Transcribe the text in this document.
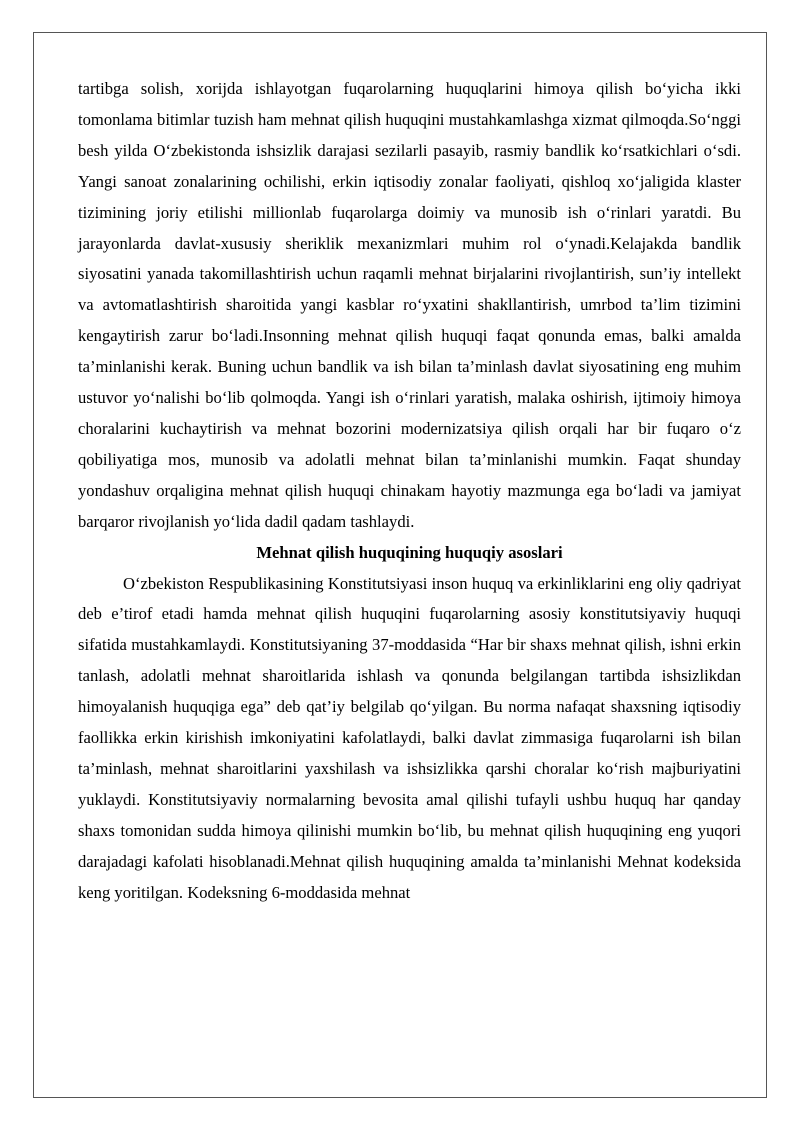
tartibga solish, xorijda ishlayotgan fuqarolarning huquqlarini himoya qilish bo‘yicha ikki tomonlama bitimlar tuzish ham mehnat qilish huquqini mustahkamlashga xizmat qilmoqda.So‘nggi besh yilda O‘zbekistonda ishsizlik darajasi sezilarli pasayib, rasmiy bandlik ko‘rsatkichlari o‘sdi. Yangi sanoat zonalarining ochilishi, erkin iqtisodiy zonalar faoliyati, qishloq xo‘jaligida klaster tizimining joriy etilishi millionlab fuqarolarga doimiy va munosib ish o‘rinlari yaratdi. Bu jarayonlarda davlat-xususiy sheriklik mexanizmlari muhim rol o‘ynadi.Kelajakda bandlik siyosatini yanada takomillashtirish uchun raqamli mehnat birjalarini rivojlantirish, sun’iy intellekt va avtomatlashtirish sharoitida yangi kasblar ro‘yxatini shakllantirish, umrbod ta’lim tizimini kengaytirish zarur bo‘ladi.Insonning mehnat qilish huquqi faqat qonunda emas, balki amalda ta’minlanishi kerak. Buning uchun bandlik va ish bilan ta’minlash davlat siyosatining eng muhim ustuvor yo‘nalishi bo‘lib qolmoqda. Yangi ish o‘rinlari yaratish, malaka oshirish, ijtimoiy himoya choralarini kuchaytirish va mehnat bozorini modernizatsiya qilish orqali har bir fuqaro o‘z qobiliyatiga mos, munosib va adolatli mehnat bilan ta’minlanishi mumkin. Faqat shunday yondashuv orqaligina mehnat qilish huquqi chinakam hayotiy mazmunga ega bo‘ladi va jamiyat barqaror rivojlanish yo‘lida dadil qadam tashlaydi.

Mehnat qilish huquqining huquqiy asoslari

O‘zbekiston Respublikasining Konstitutsiyasi inson huquq va erkinliklarini eng oliy qadriyat deb e’tirof etadi hamda mehnat qilish huquqini fuqarolarning asosiy konstitutsiyaviy huquqi sifatida mustahkamlaydi. Konstitutsiyaning 37-moddasida “Har bir shaxs mehnat qilish, ishni erkin tanlash, adolatli mehnat sharoitlarida ishlash va qonunda belgilangan tartibda ishsizlikdan himoyalanish huquqiga ega” deb qat’iy belgilab qo‘yilgan. Bu norma nafaqat shaxsning iqtisodiy faollikka erkin kirishish imkoniyatini kafolatlaydi, balki davlat zimmasiga fuqarolarni ish bilan ta’minlash, mehnat sharoitlarini yaxshilash va ishsizlikka qarshi choralar ko‘rish majburiyatini yuklaydi. Konstitutsiyaviy normalarning bevosita amal qilishi tufayli ushbu huquq har qanday shaxs tomonidan sudda himoya qilinishi mumkin bo‘lib, bu mehnat qilish huquqining eng yuqori darajadagi kafolati hisoblanadi.Mehnat qilish huquqining amalda ta’minlanishi Mehnat kodeksida keng yoritilgan. Kodeksning 6-moddasida mehnat
